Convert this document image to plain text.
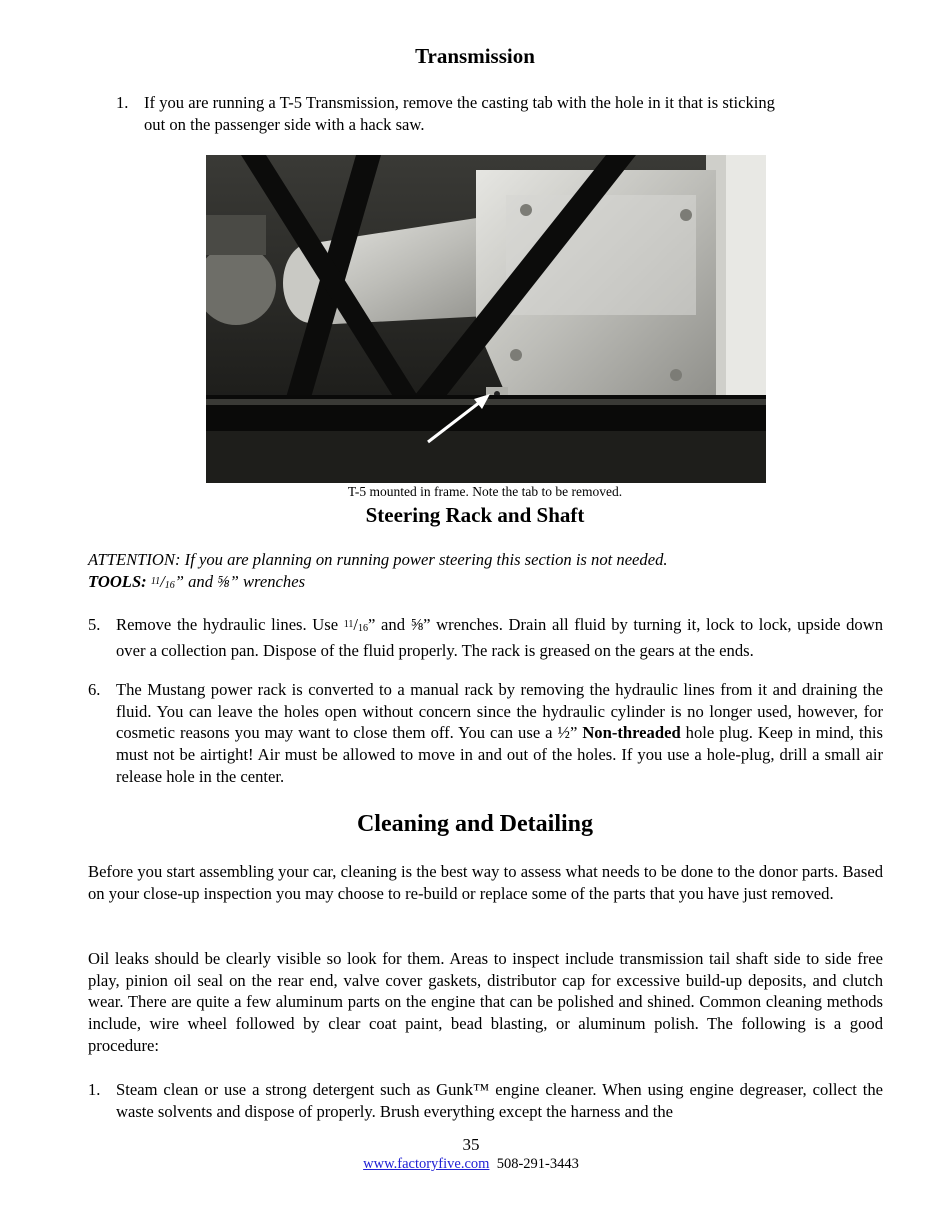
Transmission
1. If you are running a T-5 Transmission, remove the casting tab with the hole in it that is sticking
out on the passenger side with a hack saw.
T-5 mounted in frame. Note the tab to be removed.
Steering Rack and Shaft
ATTENTION: If you are planning on running power steering this section is not needed.
TOOLS: 11/16” and ⅝” wrenches
5. Remove the hydraulic lines. Use 11/16” and ⅝” wrenches. Drain all fluid by turning it, lock to lock, upside down over a collection pan. Dispose of the fluid properly. The rack is greased on the gears at the ends.
6. The Mustang power rack is converted to a manual rack by removing the hydraulic lines from it and draining the fluid. You can leave the holes open without concern since the hydraulic cylinder is no longer used, however, for cosmetic reasons you may want to close them off. You can use a ½” Non-threaded hole plug. Keep in mind, this must not be airtight! Air must be allowed to move in and out of the holes. If you use a hole-plug, drill a small air release hole in the center.
Cleaning and Detailing
Before you start assembling your car, cleaning is the best way to assess what needs to be done to the donor parts. Based on your close-up inspection you may choose to re-build or replace some of the parts that you have just removed.
Oil leaks should be clearly visible so look for them. Areas to inspect include transmission tail shaft side to side free play, pinion oil seal on the rear end, valve cover gaskets, distributor cap for excessive build-up deposits, and clutch wear. There are quite a few aluminum parts on the engine that can be polished and shined. Common cleaning methods include, wire wheel followed by clear coat paint, bead blasting, or aluminum polish. The following is a good procedure:
1. Steam clean or use a strong detergent such as Gunk™ engine cleaner. When using engine degreaser, collect the waste solvents and dispose of properly. Brush everything except the harness and the
35
www.factoryfive.com 508-291-3443
